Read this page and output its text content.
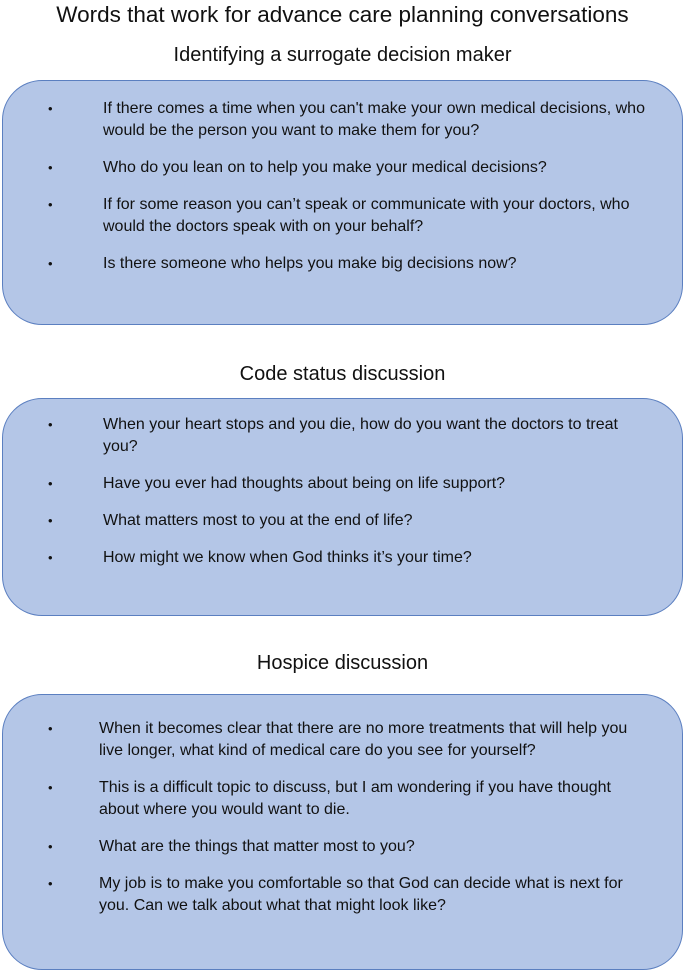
Words that work for advance care planning conversations
Identifying a surrogate decision maker
•	If there comes a time when you can't make your own medical decisions, who would be the person you want to make them for you?
•	Who do you lean on to help you make your medical decisions?
•	If for some reason you can’t speak or communicate with your doctors, who would the doctors speak with on your behalf?
•	Is there someone who helps you make big decisions now?
Code status discussion
•	When your heart stops and you die, how do you want the doctors to treat you?
•	Have you ever had thoughts about being on life support?
•	What matters most to you at the end of life?
•	How might we know when God thinks it’s your time?
Hospice discussion
•	When it becomes clear that there are no more treatments that will help you live longer, what kind of medical care do you see for yourself?
•	This is a difficult topic to discuss, but I am wondering if you have thought about where you would want to die.
•	What are the things that matter most to you?
•	My job is to make you comfortable so that God can decide what is next for you. Can we talk about what that might look like?
